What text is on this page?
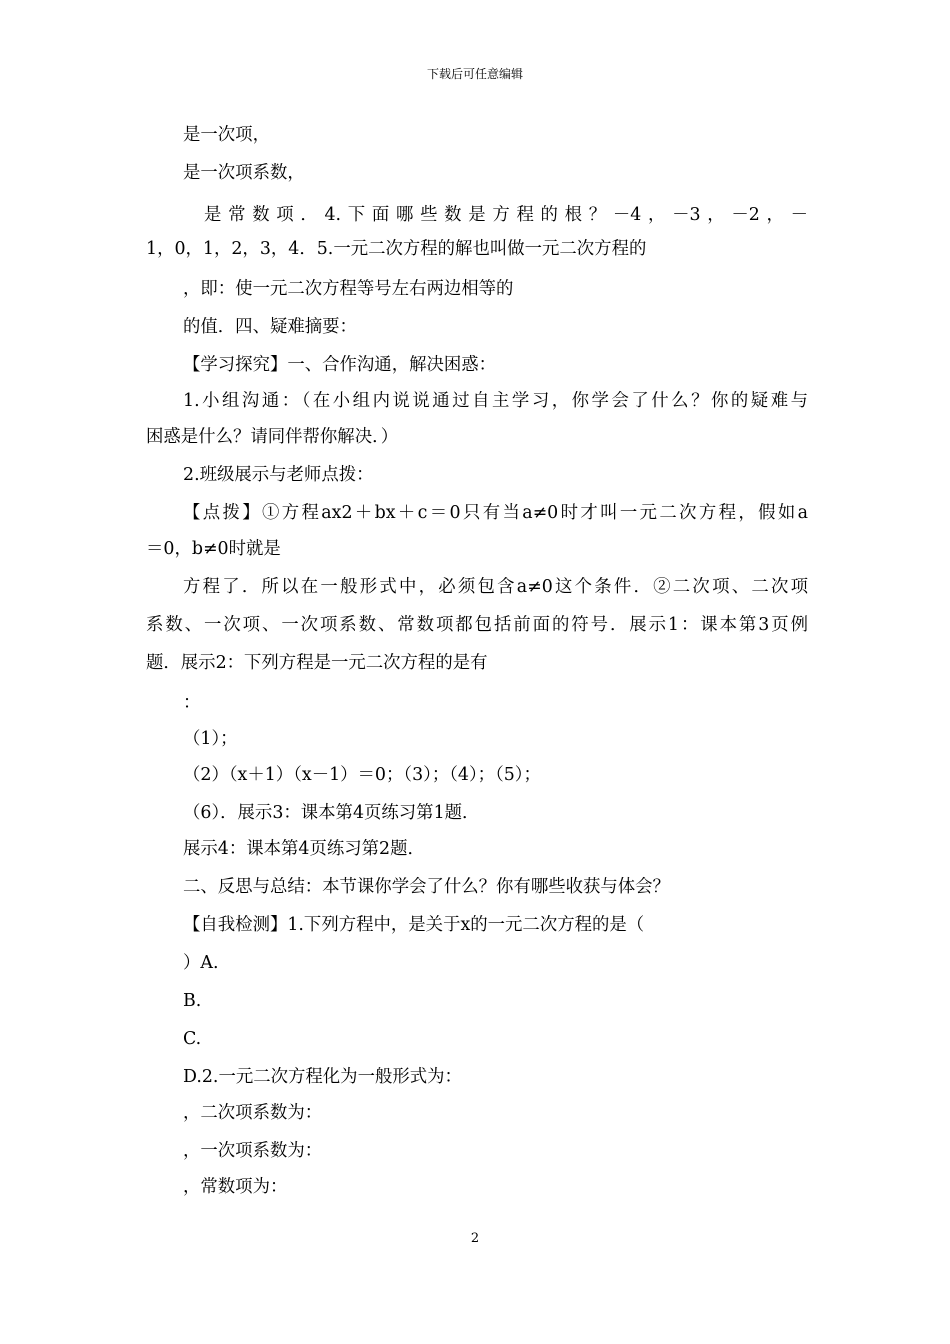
下载后可任意编辑
是一次项，
是一次项系数，
是常数项．4.下面哪些数是方程的根？－4，－3，－2，－
1，0，1，2，3，4．5.一元二次方程的解也叫做一元二次方程的
，即：使一元二次方程等号左右两边相等的
的值．四、疑难摘要：
【学习探究】一、合作沟通，解决困惑：
1.小组沟通：（在小组内说说通过自主学习，你学会了什么？你的疑难与
困惑是什么？请同伴帮你解决．）
2.班级展示与老师点拨：
【点拨】①方程ax2＋bx＋c＝0只有当a≠0时才叫一元二次方程，假如a
＝0，b≠0时就是
方程了．所以在一般形式中，必须包含a≠0这个条件．②二次项、二次项
系数、一次项、一次项系数、常数项都包括前面的符号．展示1：课本第3页例
题．展示2：下列方程是一元二次方程的是有
：
（1）；
（2）（x＋1）（x－1）＝0；（3）；（4）；（5）；
（6）．展示3：课本第4页练习第1题．
展示4：课本第4页练习第2题．
二、反思与总结：本节课你学会了什么？你有哪些收获与体会？
【自我检测】1.下列方程中，是关于x的一元二次方程的是（
）A.
B.
C.
D.2.一元二次方程化为一般形式为：
，二次项系数为：
，一次项系数为：
，常数项为：
2
